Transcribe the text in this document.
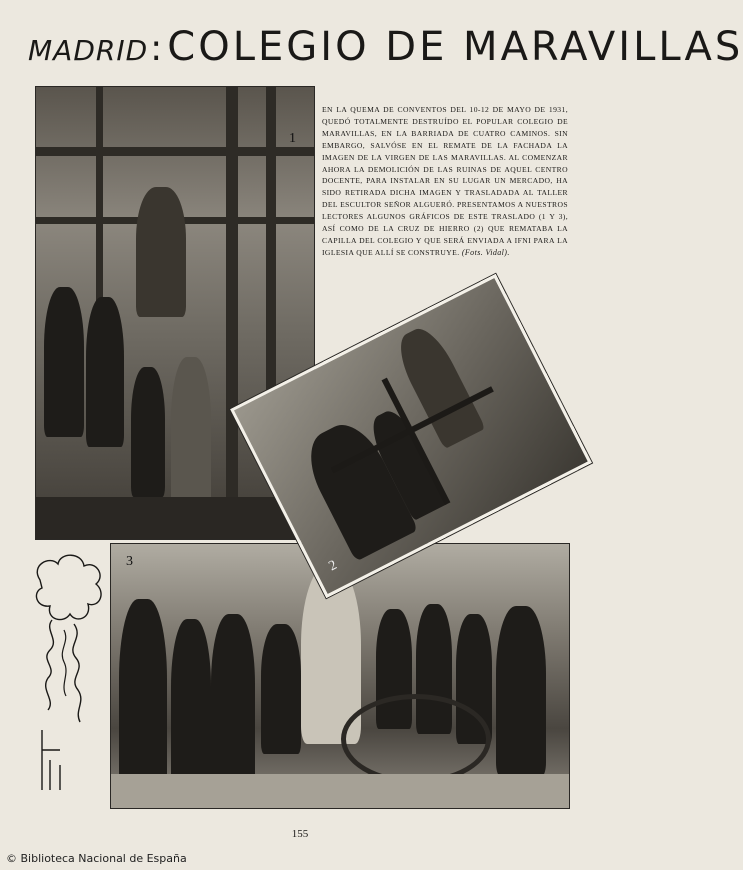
MADRID:COLEGIO DE MARAVILLAS
1
EN LA QUEMA DE CONVENTOS DEL 10-12 DE MAYO DE 1931, QUEDÓ TOTALMENTE DESTRUÍDO EL POPULAR COLEGIO DE MARAVILLAS, EN LA BARRIADA DE CUATRO CAMINOS. SIN EMBARGO, SALVÓSE EN EL REMATE DE LA FACHADA LA IMAGEN DE LA VIRGEN DE LAS MARAVILLAS. AL COMENZAR AHORA LA DEMOLICIÓN DE LAS RUINAS DE AQUEL CENTRO DOCENTE, PARA INSTALAR EN SU LUGAR UN MERCADO, HA SIDO RETIRADA DICHA IMAGEN Y TRASLADADA AL TALLER DEL ESCULTOR SEÑOR ALGUERÓ. PRESENTAMOS A NUESTROS LECTORES ALGUNOS GRÁFICOS DE ESTE TRASLADO (1 Y 3), ASÍ COMO DE LA CRUZ DE HIERRO (2) QUE REMATABA LA CAPILLA DEL COLEGIO Y QUE SERÁ ENVIADA A IFNI PARA LA IGLESIA QUE ALLÍ SE CONSTRUYE. (Fots. Vidal).
3	2
155
© Biblioteca Nacional de España
